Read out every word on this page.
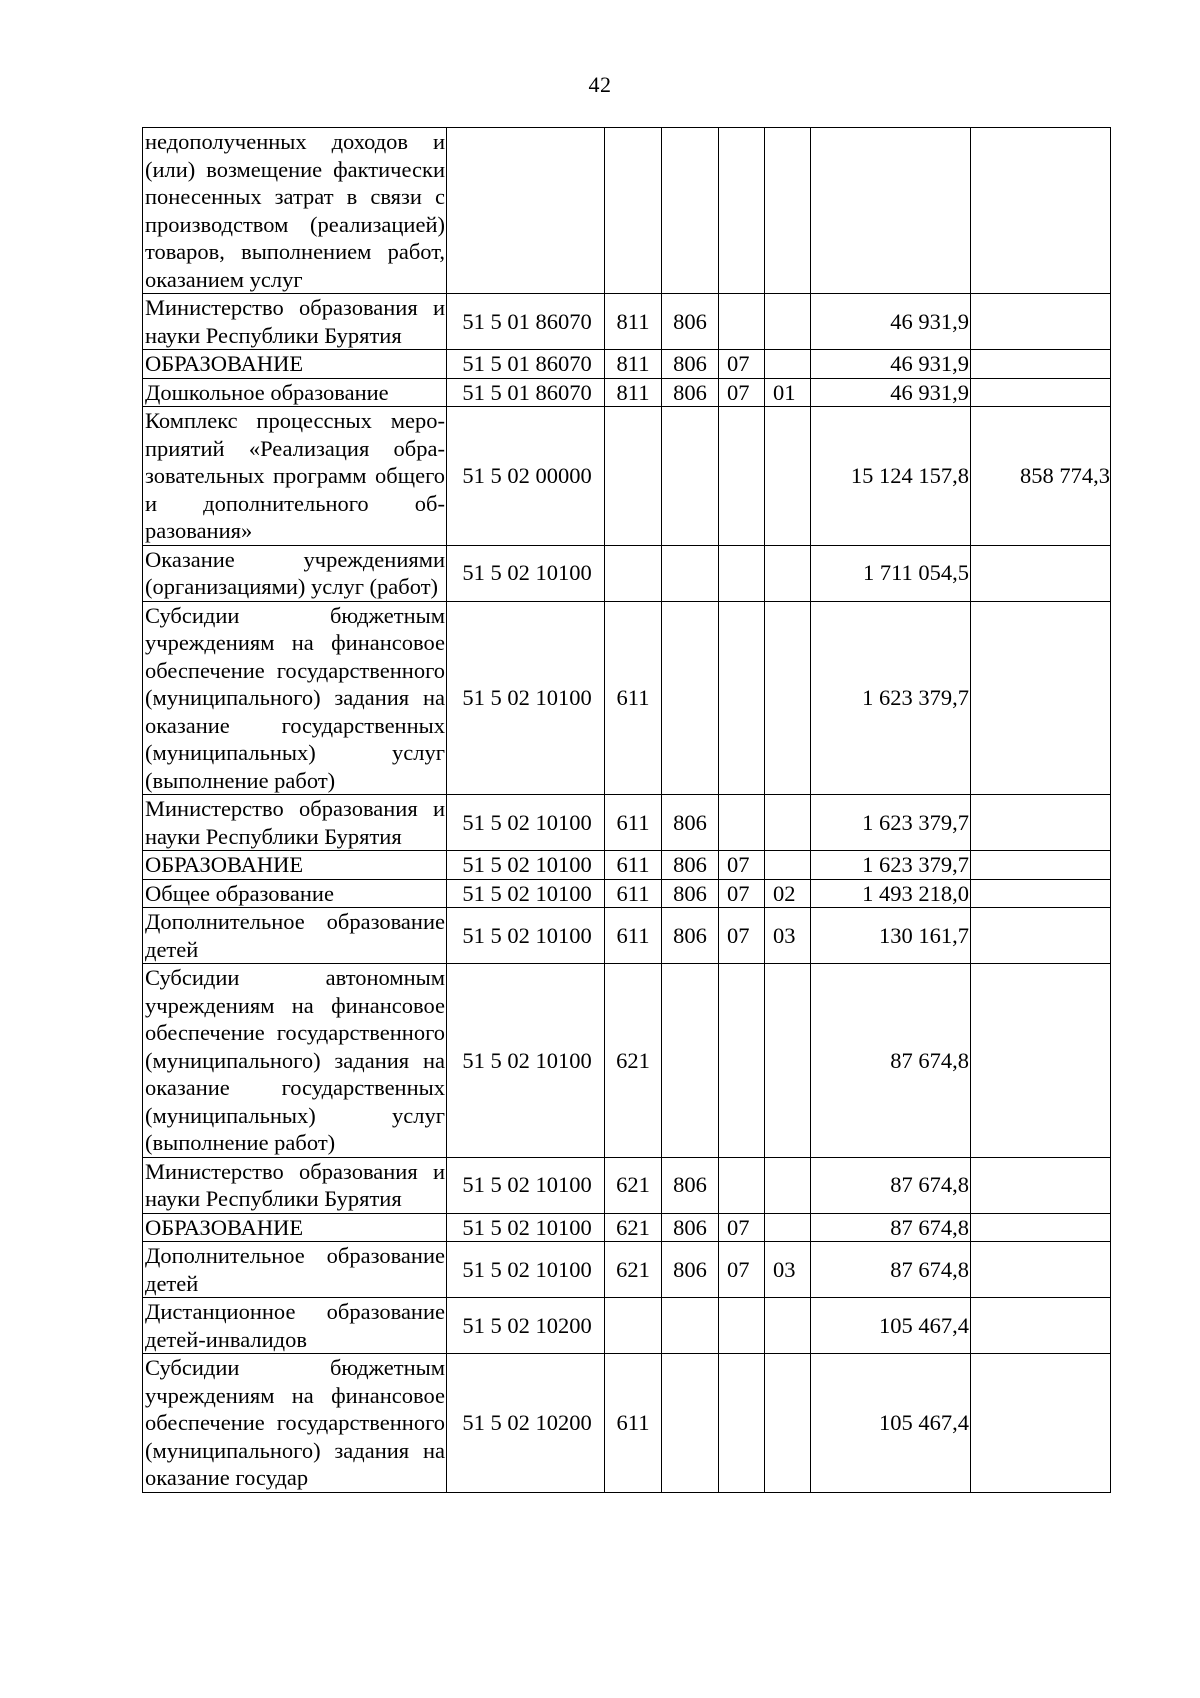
42
недополученных доходов и (или) возмещение фактически понесенных затрат в связи с производством (реализацией) товаров, выполнением работ, оказанием услуг							
Министерство образования и науки Республики Бурятия	51 5 01 86070	811	806			46 931,9	
ОБРАЗОВАНИЕ	51 5 01 86070	811	806	07		46 931,9	
Дошкольное образование	51 5 01 86070	811	806	07	01	46 931,9	
Комплекс процессных мероприятий «Реализация образовательных программ общего и дополнительного образования»	51 5 02 00000					15 124 157,8	858 774,3
Оказание учреждениями (организациями) услуг (работ)	51 5 02 10100					1 711 054,5	
Субсидии бюджетным учреждениям на финансовое обеспечение государственного (муниципального) задания на оказание государственных (муниципальных) услуг (выполнение работ)	51 5 02 10100	611				1 623 379,7	
Министерство образования и науки Республики Бурятия	51 5 02 10100	611	806			1 623 379,7	
ОБРАЗОВАНИЕ	51 5 02 10100	611	806	07		1 623 379,7	
Общее образование	51 5 02 10100	611	806	07	02	1 493 218,0	
Дополнительное образование детей	51 5 02 10100	611	806	07	03	130 161,7	
Субсидии автономным учреждениям на финансовое обеспечение государственного (муниципального) задания на оказание государственных (муниципальных) услуг (выполнение работ)	51 5 02 10100	621				87 674,8	
Министерство образования и науки Республики Бурятия	51 5 02 10100	621	806			87 674,8	
ОБРАЗОВАНИЕ	51 5 02 10100	621	806	07		87 674,8	
Дополнительное образование детей	51 5 02 10100	621	806	07	03	87 674,8	
Дистанционное образование детей-инвалидов	51 5 02 10200					105 467,4	
Субсидии бюджетным учреждениям на финансовое обеспечение государственного (муниципального) задания на оказание государ	51 5 02 10200	611				105 467,4	
